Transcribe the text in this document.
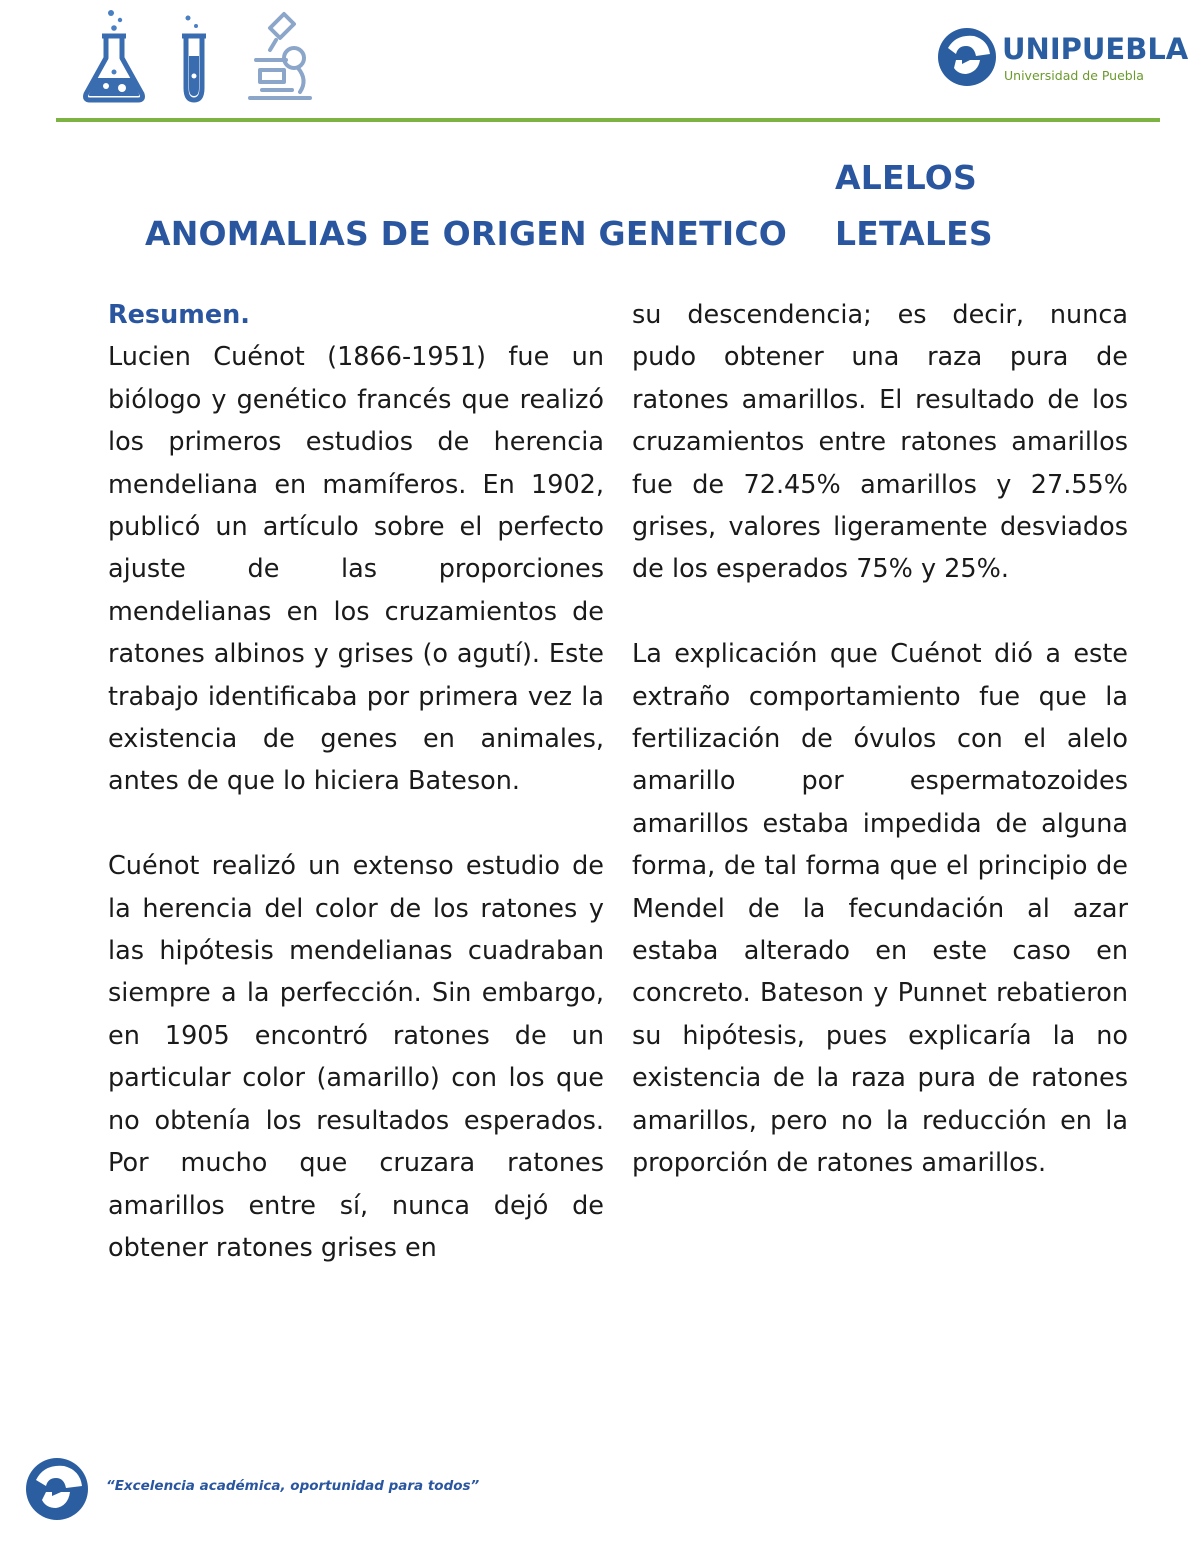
UNIPUEBLA
Universidad de Puebla
ANOMALIAS DE ORIGEN GENETICOALELOS LETALES
Resumen.

Lucien Cuénot (1866-1951) fue un biólogo y genético francés que realizó los primeros estudios de herencia mendeliana en mamíferos. En 1902, publicó un artículo sobre el perfecto ajuste de las proporciones mendelianas en los cruzamientos de ratones albinos y grises (o agutí). Este trabajo identificaba por primera vez la existencia de genes en animales, antes de que lo hiciera Bateson.

Cuénot realizó un extenso estudio de la herencia del color de los ratones y las hipótesis mendelianas cuadraban siempre a la perfección. Sin embargo, en 1905 encontró ratones de un particular color (amarillo) con los que no obtenía los resultados esperados. Por mucho que cruzara ratones amarillos entre sí, nunca dejó de obtener ratones grises en

su descendencia; es decir, nunca pudo obtener una raza pura de ratones amarillos. El resultado de los cruzamientos entre ratones amarillos fue de 72.45% amarillos y 27.55% grises, valores ligeramente desviados de los esperados 75% y 25%.

La explicación que Cuénot dió a este extraño comportamiento fue que la fertilización de óvulos con el alelo amarillo por espermatozoides amarillos estaba impedida de alguna forma, de tal forma que el principio de Mendel de la fecundación al azar estaba alterado en este caso en concreto. Bateson y Punnet rebatieron su hipótesis, pues explicaría la no existencia de la raza pura de ratones amarillos, pero no la reducción en la proporción de ratones amarillos.

“Excelencia académica, oportunidad para todos”
